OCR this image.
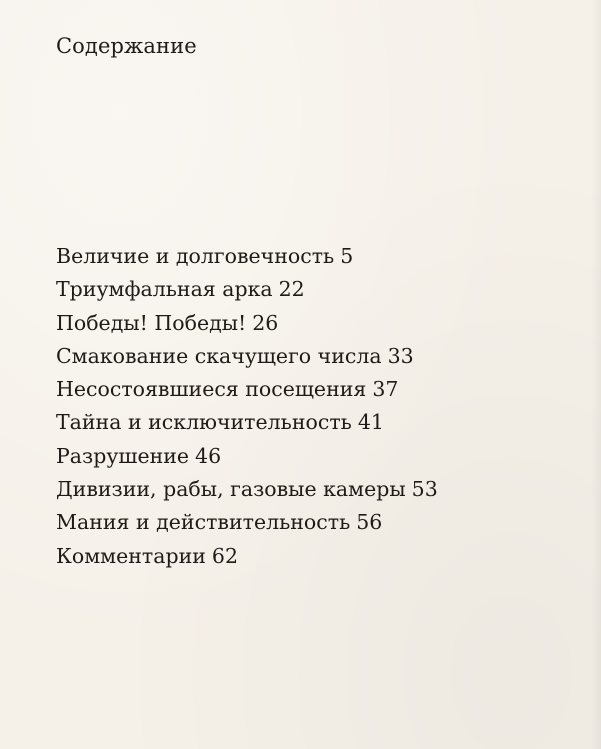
Содержание
Величие и долговечность 5
Триумфальная арка 22
Победы! Победы! 26
Смакование скачущего числа 33
Несостоявшиеся посещения 37
Тайна и исключительность 41
Разрушение 46
Дивизии, рабы, газовые камеры 53
Мания и действительность 56
Комментарии 62
